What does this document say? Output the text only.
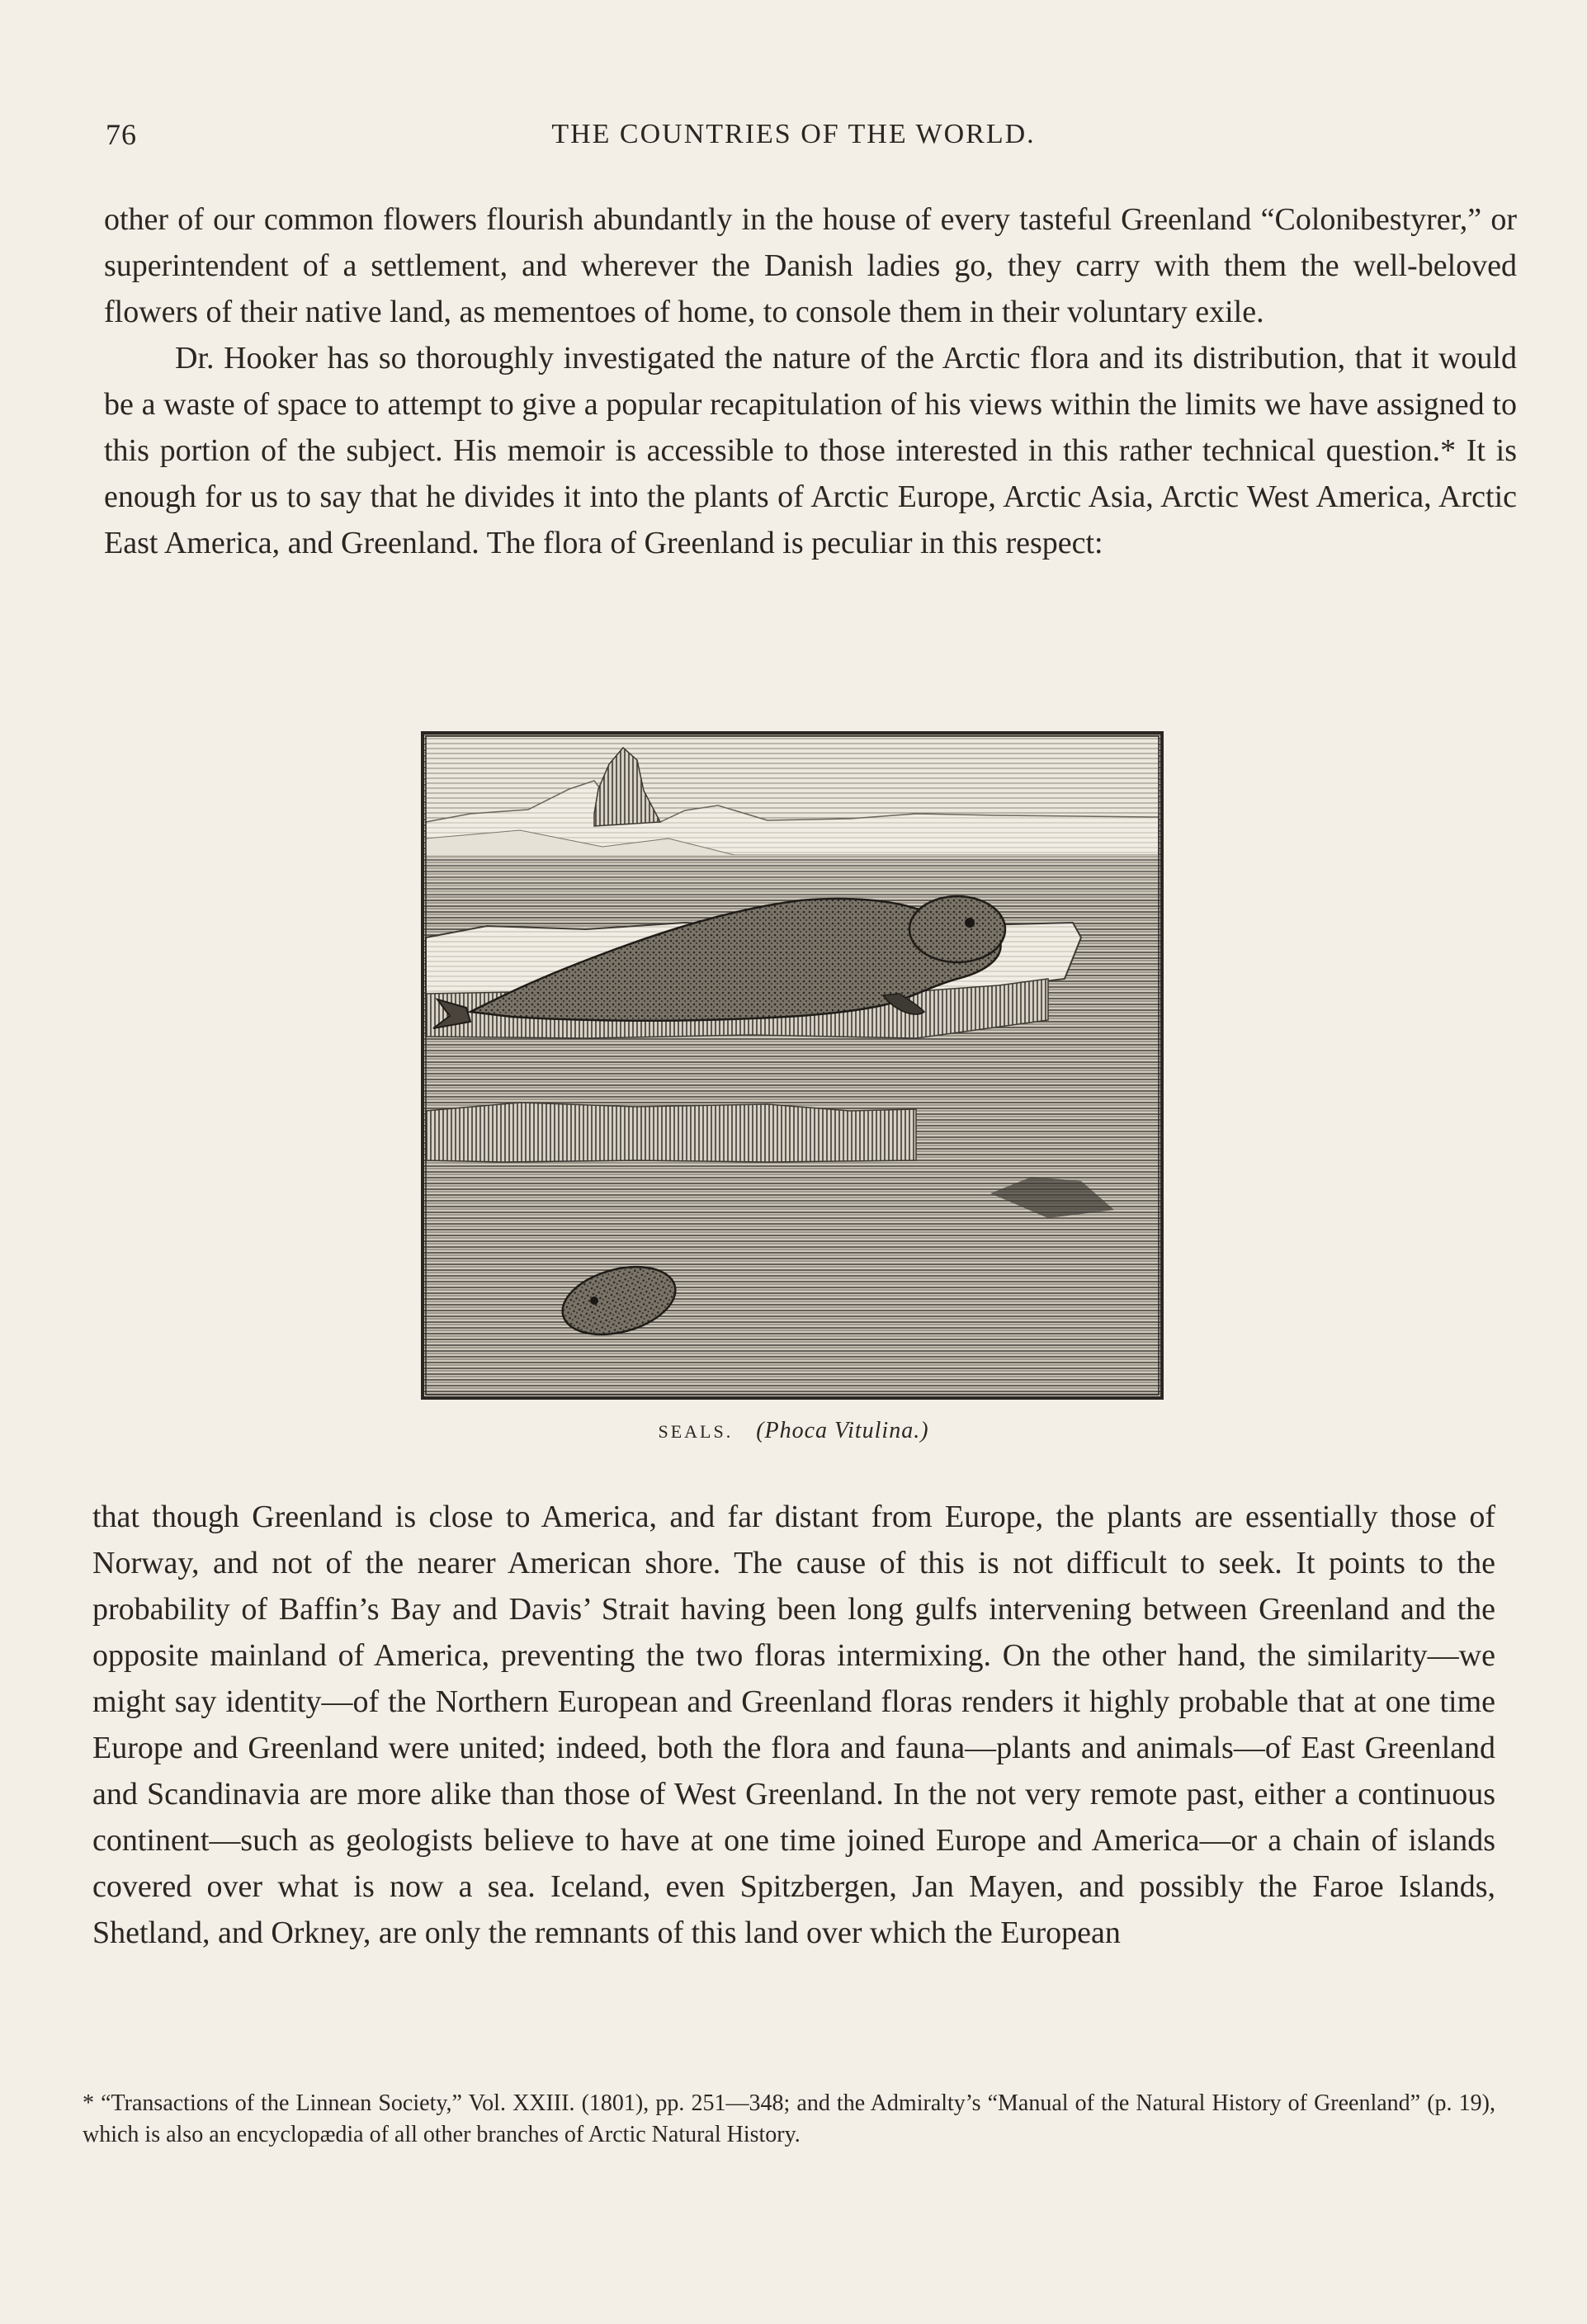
76	THE COUNTRIES OF THE WORLD.

other of our common flowers flourish abundantly in the house of every tasteful Greenland “Colonibestyrer,” or superintendent of a settlement, and wherever the Danish ladies go, they carry with them the well-beloved flowers of their native land, as mementoes of home, to console them in their voluntary exile.

Dr. Hooker has so thoroughly investigated the nature of the Arctic flora and its distribution, that it would be a waste of space to attempt to give a popular recapitulation of his views within the limits we have assigned to this portion of the subject. His memoir is accessible to those interested in this rather technical question.* It is enough for us to say that he divides it into the plants of Arctic Europe, Arctic Asia, Arctic West America, Arctic East America, and Greenland. The flora of Greenland is peculiar in this respect:

SEALS. (Phoca Vitulina.)

that though Greenland is close to America, and far distant from Europe, the plants are essentially those of Norway, and not of the nearer American shore. The cause of this is not difficult to seek. It points to the probability of Baffin’s Bay and Davis’ Strait having been long gulfs intervening between Greenland and the opposite mainland of America, preventing the two floras intermixing. On the other hand, the similarity—we might say identity—of the Northern European and Greenland floras renders it highly probable that at one time Europe and Greenland were united; indeed, both the flora and fauna—plants and animals—of East Greenland and Scandinavia are more alike than those of West Greenland. In the not very remote past, either a continuous continent—such as geologists believe to have at one time joined Europe and America—or a chain of islands covered over what is now a sea. Iceland, even Spitzbergen, Jan Mayen, and possibly the Faroe Islands, Shetland, and Orkney, are only the remnants of this land over which the European

* “Transactions of the Linnean Society,” Vol. XXIII. (1801), pp. 251—348; and the Admiralty’s “Manual of the Natural History of Greenland” (p. 19), which is also an encyclopædia of all other branches of Arctic Natural History.
